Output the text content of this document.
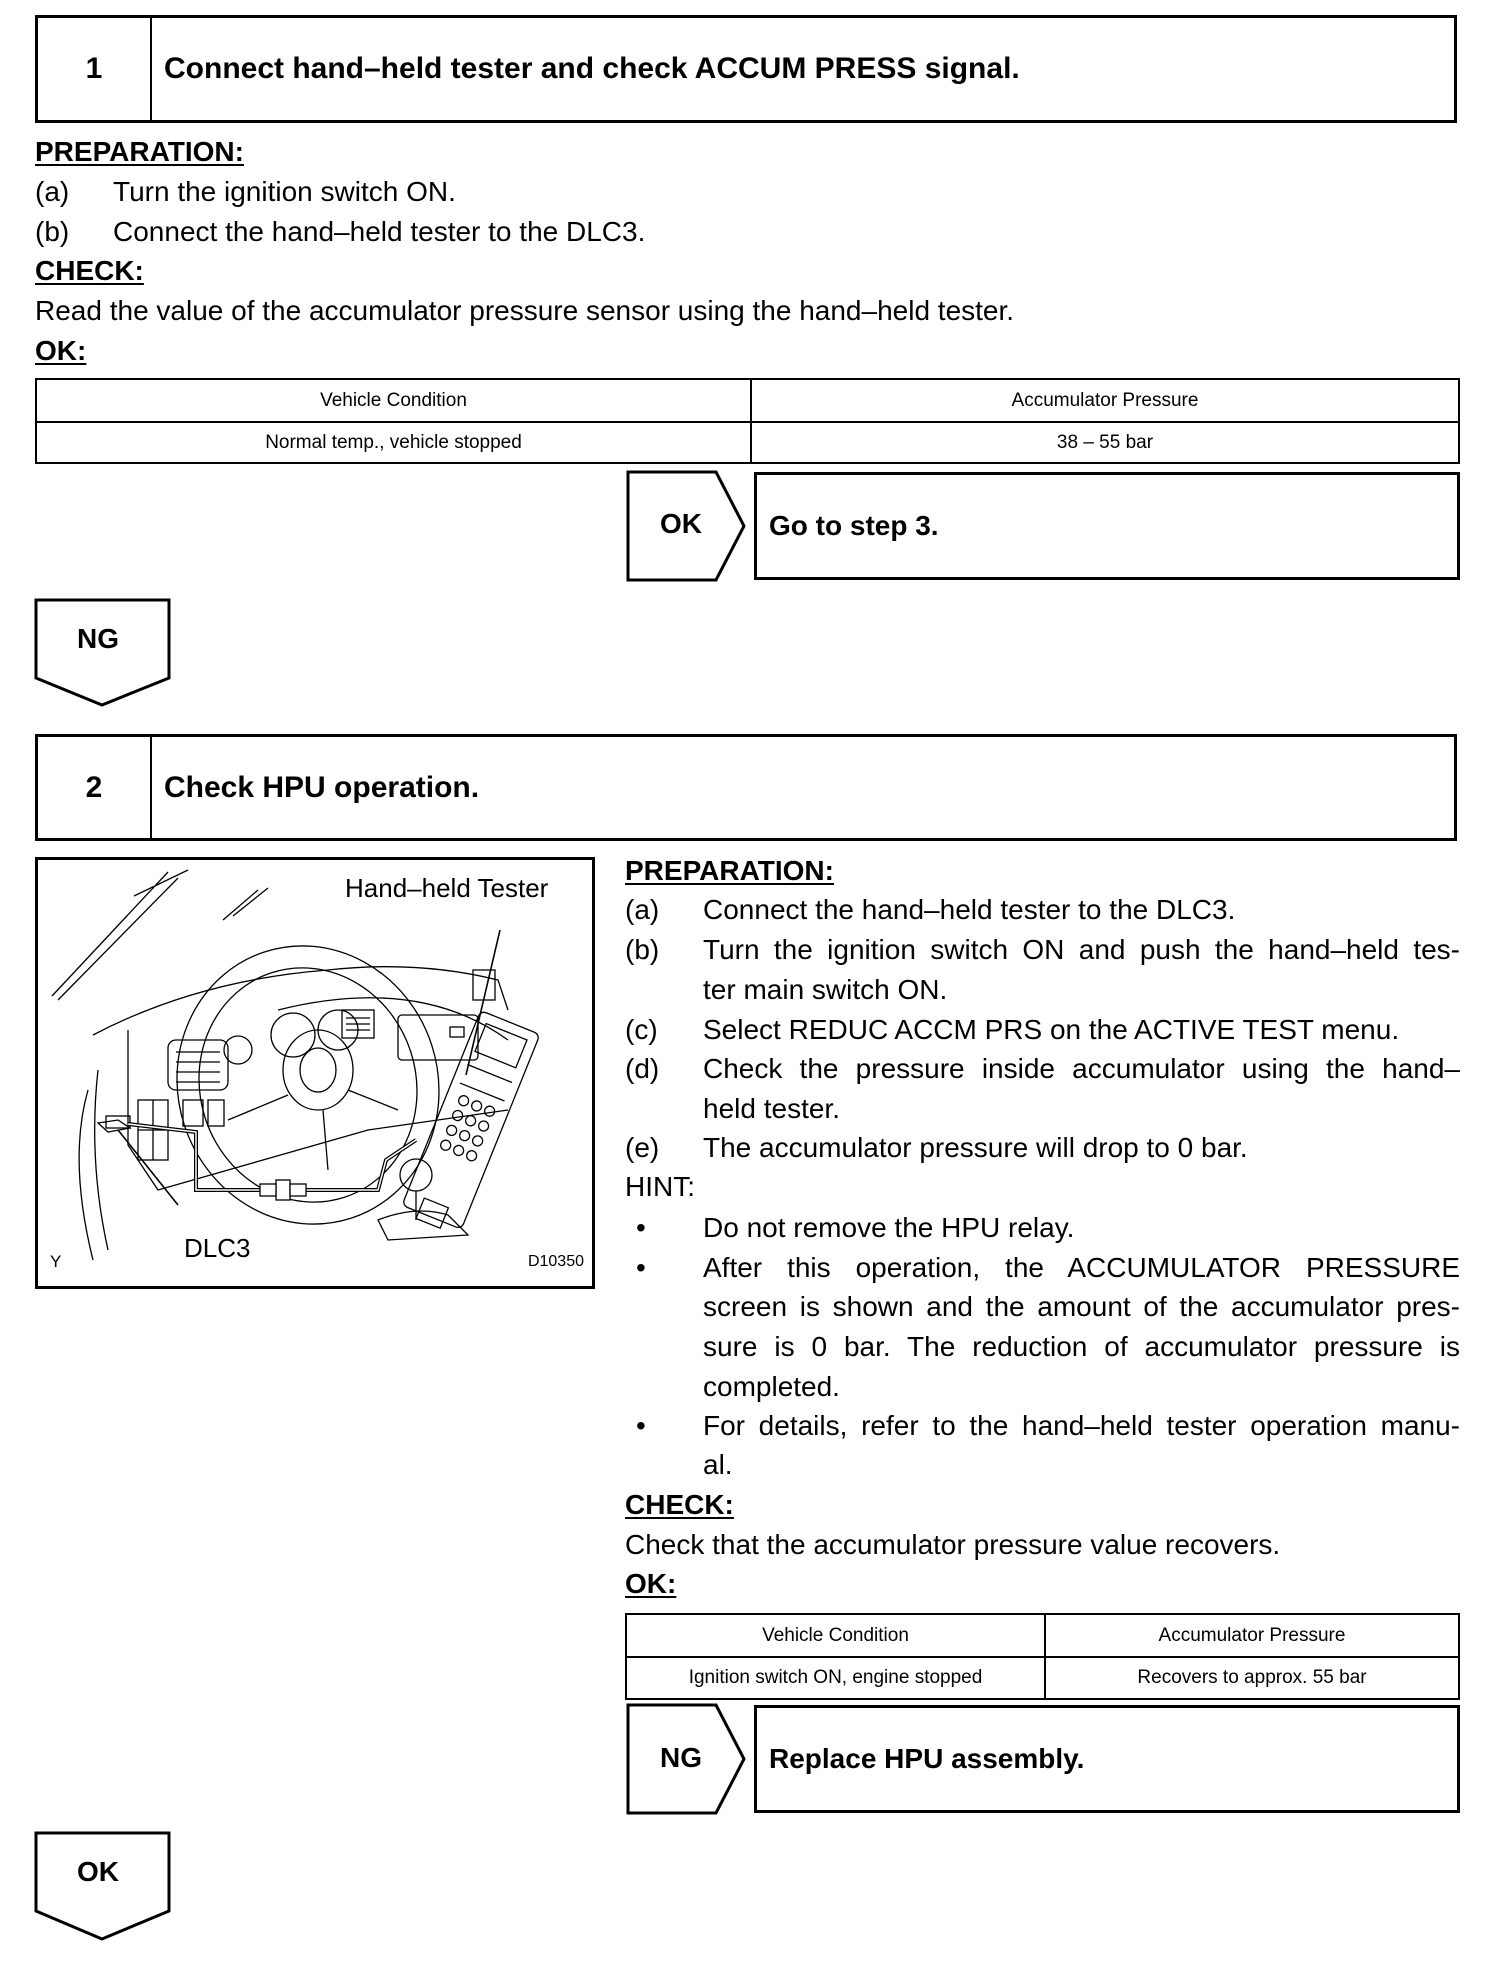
1	Connect hand–held tester and check ACCUM PRESS signal.
PREPARATION:
(a) Turn the ignition switch ON.
(b) Connect the hand–held tester to the DLC3.
CHECK:
Read the value of the accumulator pressure sensor using the hand–held tester.
OK:
Vehicle Condition	Accumulator Pressure
Normal temp., vehicle stopped	38 – 55 bar
OK	Go to step 3.
NG
2	Check HPU operation.
Hand–held Tester
DLC3
Y	D10350
PREPARATION:
(a) Connect the hand–held tester to the DLC3.
(b) Turn the ignition switch ON and push the hand–held tes-
ter main switch ON.
(c) Select REDUC ACCM PRS on the ACTIVE TEST menu.
(d) Check the pressure inside accumulator using the hand–
held tester.
(e) The accumulator pressure will drop to 0 bar.
HINT:
• Do not remove the HPU relay.
• After this operation, the ACCUMULATOR PRESSURE
screen is shown and the amount of the accumulator pres-
sure is 0 bar. The reduction of accumulator pressure is
completed.
• For details, refer to the hand–held tester operation manu-
al.
CHECK:
Check that the accumulator pressure value recovers.
OK:
Vehicle Condition	Accumulator Pressure
Ignition switch ON, engine stopped	Recovers to approx. 55 bar
NG	Replace HPU assembly.
OK
